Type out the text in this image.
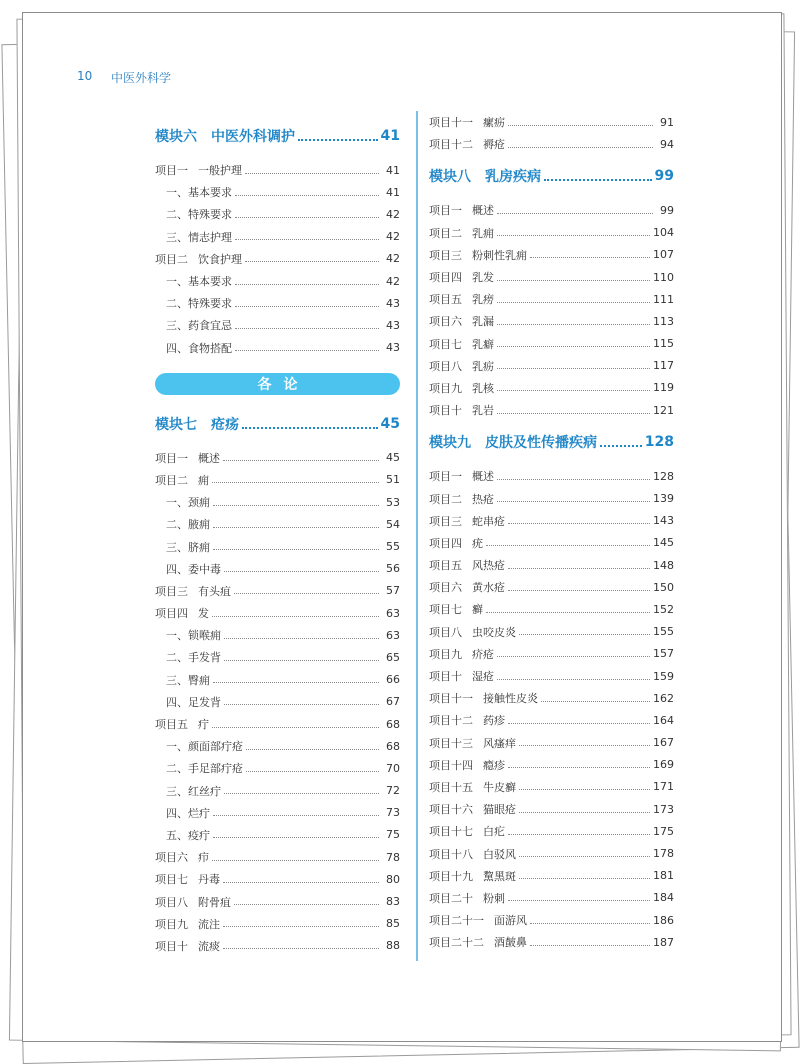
10 中医外科学
模块六 中医外科调护	41
项目一 一般护理	41
一、基本要求	41
二、特殊要求	42
三、情志护理	42
项目二 饮食护理	42
一、基本要求	42
二、特殊要求	43
三、药食宜忌	43
四、食物搭配	43
各论
模块七 疮疡	45
项目一 概述	45
项目二 痈	51
一、颈痈	53
二、腋痈	54
三、脐痈	55
四、委中毒	56
项目三 有头疽	57
项目四 发	63
一、锁喉痈	63
二、手发背	65
三、臀痈	66
四、足发背	67
项目五 疔	68
一、颜面部疔疮	68
二、手足部疔疮	70
三、红丝疔	72
四、烂疔	73
五、疫疔	75
项目六 疖	78
项目七 丹毒	80
项目八 附骨疽	83
项目九 流注	85
项目十 流痰	88
项目十一 瘰疬	91
项目十二 褥疮	94
模块八 乳房疾病	99
项目一 概述	99
项目二 乳痈	104
项目三 粉刺性乳痈	107
项目四 乳发	110
项目五 乳痨	111
项目六 乳漏	113
项目七 乳癖	115
项目八 乳疬	117
项目九 乳核	119
项目十 乳岩	121
模块九 皮肤及性传播疾病	128
项目一 概述	128
项目二 热疮	139
项目三 蛇串疮	143
项目四 疣	145
项目五 风热疮	148
项目六 黄水疮	150
项目七 癣	152
项目八 虫咬皮炎	155
项目九 疥疮	157
项目十 湿疮	159
项目十一 接触性皮炎	162
项目十二 药疹	164
项目十三 风瘙痒	167
项目十四 瘾疹	169
项目十五 牛皮癣	171
项目十六 猫眼疮	173
项目十七 白疕	175
项目十八 白驳风	178
项目十九 黧黑斑	181
项目二十 粉刺	184
项目二十一 面游风	186
项目二十二 酒皶鼻	187
